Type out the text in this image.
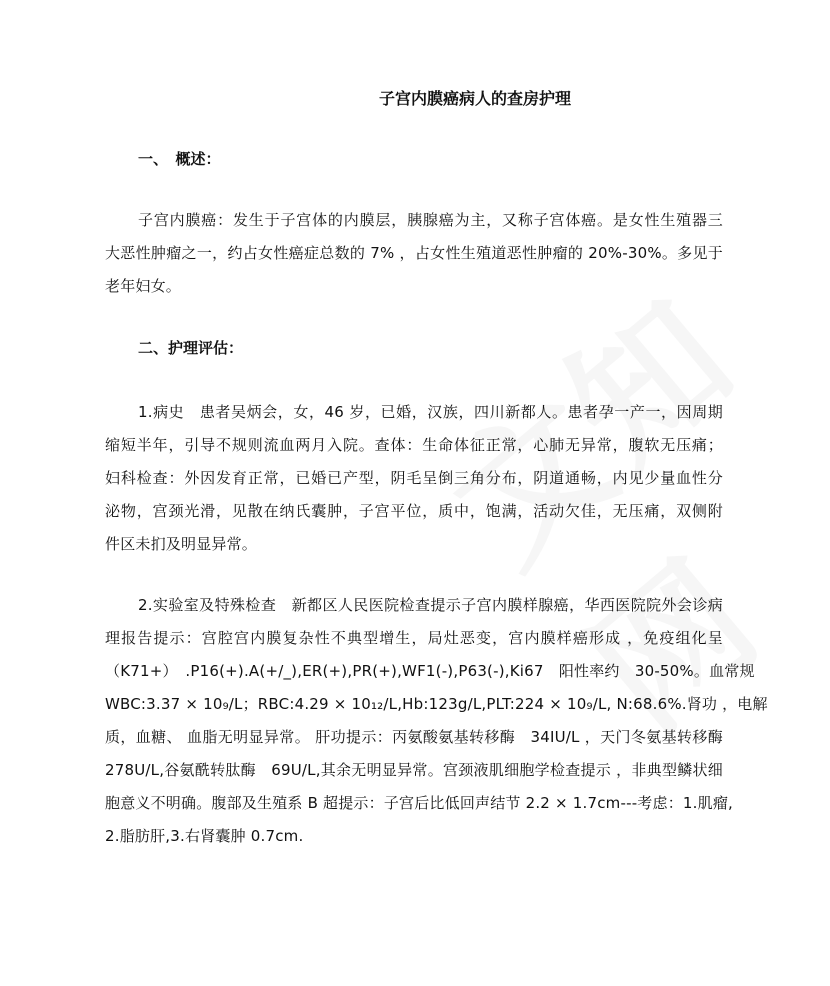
子宫内膜癌病人的查房护理
一、　概述：
子宫内膜癌：发生于子宫体的内膜层，胰腺癌为主，又称子宫体癌。是女性生殖器三
大恶性肿瘤之一，约占女性癌症总数的 7% ，占女性生殖道恶性肿瘤的 20%-30%。多见于
老年妇女。
二、护理评估：
1.病史　患者吴炳会，女，46 岁，已婚，汉族，四川新都人。患者孕一产一，因周期
缩短半年，引导不规则流血两月入院。查体：生命体征正常，心肺无异常，腹软无压痛；
妇科检查：外因发育正常，已婚已产型，阴毛呈倒三角分布，阴道通畅，内见少量血性分
泌物，宫颈光滑，见散在纳氏囊肿，子宫平位，质中，饱满，活动欠佳，无压痛，双侧附
件区未扪及明显异常。
2.实验室及特殊检查　新都区人民医院检查提示子宫内膜样腺癌，华西医院院外会诊病
理报告提示：宫腔宫内膜复杂性不典型增生，局灶恶变，宫内膜样癌形成 ，免疫组化呈
（K71+）　.P16(+).A(+/_),ER(+),PR(+),WF1(-),P63(-),Ki67　阳性率约　30-50%。血常规
WBC:3.37 × 10₉/L；RBC:4.29 × 10₁₂/L,Hb:123g/L,PLT:224 × 10₉/L, N:68.6%.肾功 ，电解
质，血糖、 血脂无明显异常。 肝功提示：丙氨酸氨基转移酶　34IU/L ，天门冬氨基转移酶
278U/L,谷氨酰转肽酶　69U/L,其余无明显异常。宫颈液肌细胞学检查提示 ，非典型鳞状细
胞意义不明确。腹部及生殖系 B 超提示：子宫后比低回声结节 2.2 × 1.7cm---考虑：1.肌瘤,
2.脂肪肝,3.右肾囊肿 0.7cm.
